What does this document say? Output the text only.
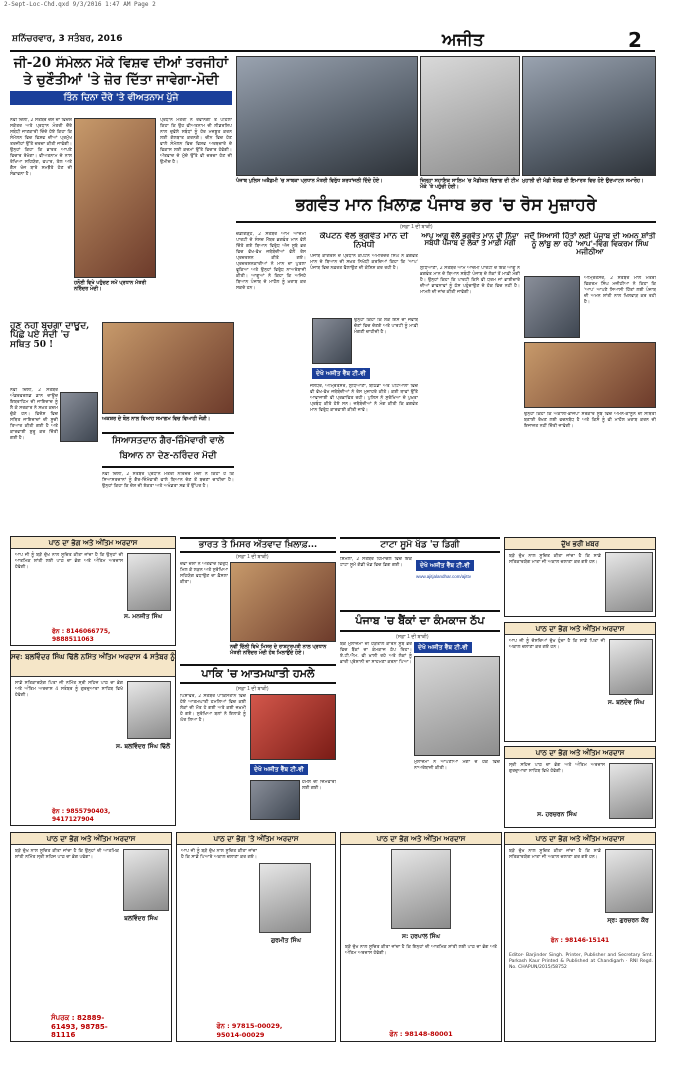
2-Sept-Loc-Chd.qxd 9/3/2016 1:47 AM Page 2
ਸ਼ਨਿੱਚਰਵਾਰ, 3 ਸਤੰਬਰ, 2016	ਅਜੀਤ	2
ਜੀ-20 ਸੰਮੇਲਨ ਮੌਕੇ ਵਿਸ਼ਵ ਦੀਆਂ ਤਰਜੀਹਾਂ
ਤੇ ਚੁਣੌਤੀਆਂ 'ਤੇ ਜ਼ੋਰ ਦਿੱਤਾ ਜਾਵੇਗਾ-ਮੋਦੀ
ਤਿੰਨ ਦਿਨਾ ਦੌਰੇ 'ਤੇ ਵੀਅਤਨਾਮ ਪੁੱਜੇ
ਨਵੀਂ ਦਿੱਲੀ, 2 ਸਤੰਬਰ ਦੇਸ਼ ਦਾ ਵਿਦੇਸ਼ ਸਕੱਤਰ ਅਤੇ ਪ੍ਰਧਾਨ ਮੰਤਰੀ ਦੌਰੇ ਸਬੰਧੀ ਜਾਣਕਾਰੀ ਦਿੰਦੇ ਹੋਏ ਕਿਹਾ ਕਿ ਸੰਮੇਲਨ ਵਿਚ ਵਿਸ਼ਵ ਦੀਆਂ ਪ੍ਰਮੁੱਖ ਤਰਜੀਹਾਂ ਉੱਤੇ ਚਰਚਾ ਕੀਤੀ ਜਾਵੇਗੀ। ਉਨ੍ਹਾਂ ਕਿਹਾ ਕਿ ਭਾਰਤ ਆਪਣੇ ਵਿਚਾਰ ਰੱਖੇਗਾ। ਵੀਅਤਨਾਮ ਦੇ ਨਾਲ ਰੱਖਿਆ ਸਹਿਯੋਗ, ਵਪਾਰ, ਤੇਲ ਅਤੇ ਗੈਸ ਖੋਜ ਬਾਰੇ ਸਮਝੌਤੇ ਹੋਣ ਦੀ ਸੰਭਾਵਨਾ ਹੈ।
ਹਨੋਈ ਵਿਖੇ ਪਹੁੰਚਣ ਸਮੇਂ ਪ੍ਰਧਾਨ ਮੰਤਰੀ ਨਰਿੰਦਰ ਮੋਦੀ।
ਪ੍ਰਧਾਨ ਮੰਤਰੀ ਨੇ ਰਵਾਨਗੀ ਤੋਂ ਪਹਿਲਾਂ ਕਿਹਾ ਕਿ ਉਹ ਵੀਅਤਨਾਮ ਦੀ ਲੀਡਰਸ਼ਿਪ ਨਾਲ ਦੁਵੱਲੇ ਸਬੰਧਾਂ ਨੂੰ ਹੋਰ ਮਜ਼ਬੂਤ ਕਰਨ ਲਈ ਗੱਲਬਾਤ ਕਰਨਗੇ। ਚੀਨ ਵਿਚ ਹੋਣ ਵਾਲੇ ਸੰਮੇਲਨ ਵਿਚ ਵਿਸ਼ਵ ਅਰਥਚਾਰੇ ਦੇ ਵਿਕਾਸ ਲਈ ਕਦਮਾਂ ਉੱਤੇ ਵਿਚਾਰ ਹੋਵੇਗੀ। ਅੱਤਵਾਦ ਦੇ ਮੁੱਦੇ ਉੱਤੇ ਵੀ ਚਰਚਾ ਹੋਣ ਦੀ ਉਮੀਦ ਹੈ।
ਹੁਣ ਨਹੀਂ ਬਚੇਗਾ ਦਾਊਦ, ਪਿੱਛੇ ਪਏ ਸੰਦੀ 'ਚ ਸਥਿਤ 50 !
ਨਵੀਂ ਦਿੱਲੀ, 2 ਸਤੰਬਰ ਅੰਡਰਵਰਲਡ ਡਾਨ ਦਾਊਦ ਇਬਰਾਹਿਮ ਦੀ ਜਾਇਦਾਦ ਨੂੰ ਲੈ ਕੇ ਸਰਕਾਰ ਨੇ ਸਖ਼ਤ ਕਦਮ ਚੁੱਕੇ ਹਨ। ਵਿਦੇਸ਼ ਵਿਚ ਸਥਿਤ ਜਾਇਦਾਦਾਂ ਦੀ ਸੂਚੀ ਤਿਆਰ ਕੀਤੀ ਗਈ ਹੈ ਅਤੇ ਕਾਰਵਾਈ ਸ਼ੁਰੂ ਕਰ ਦਿੱਤੀ ਗਈ ਹੈ।
ਅਕਸ਼ਰ ਦੇ ਬੋਲ ਨਾਲ ਵਿਆਹ ਸਮਾਗਮ ਵਿਚ ਵਿਆਹੀ ਜੋੜੀ।
ਸਿਆਸਤਦਾਨ ਗੈਰ-ਜ਼ਿੰਮੇਵਾਰੀ ਵਾਲੇ ਬਿਆਨ ਨਾ ਦੇਣ-ਨਰਿੰਦਰ ਮੋਦੀ
ਨਵੀਂ ਦਿੱਲੀ, 2 ਸਤੰਬਰ ਪ੍ਰਧਾਨ ਮੰਤਰੀ ਨਰਿੰਦਰ ਮੋਦੀ ਨੇ ਕਿਹਾ ਹੈ ਕਿ ਸਿਆਸਤਦਾਨਾਂ ਨੂੰ ਗੈਰ-ਜ਼ਿੰਮੇਵਾਰੀ ਵਾਲੇ ਬਿਆਨ ਦੇਣ ਤੋਂ ਬਚਣਾ ਚਾਹੀਦਾ ਹੈ। ਉਨ੍ਹਾਂ ਕਿਹਾ ਕਿ ਦੇਸ਼ ਦੀ ਏਕਤਾ ਅਤੇ ਅਖੰਡਤਾ ਸਭ ਤੋਂ ਉੱਪਰ ਹੈ।
ਪੰਜਾਬ ਪੁਲਿਸ ਅਕੈਡਮੀ 'ਚ ਸਾਬਕਾ ਪ੍ਰਧਾਨ ਮੰਤਰੀ ਵਿਰੁੱਧ ਸ਼ਰਧਾਂਜਲੀ ਦਿੰਦੇ ਹੋਏ।	ਜ਼ਿਲ੍ਹਾ ਸਹਾਇਕ ਸਾਲਿਮ 'ਚ ਮੈਡੀਕਲ ਵਿਭਾਗ ਦੀ ਟੀਮ ਮੌਕੇ 'ਤੇ ਪਹੁੰਚੀ ਹੋਈ।
ਮੁਹਾਲੀ ਦੀ ਮੰਡੀ ਬੋਰਡ ਦੀ ਇਮਾਰਤ ਵਿਚ ਹੋਏ ਉਦਘਾਟਨ ਸਮਾਰੋਹ।
ਭਗਵੰਤ ਮਾਨ ਖ਼ਿਲਾਫ਼ ਪੰਜਾਬ ਭਰ 'ਚ ਰੋਸ ਮੁਜ਼ਾਹਰੇ
(ਸਫ਼ਾ 1 ਦੀ ਬਾਕੀ)
ਚੰਡੀਗੜ੍ਹ, 2 ਸਤੰਬਰ ਆਮ ਆਦਮੀ ਪਾਰਟੀ ਦੇ ਸੰਸਦ ਮੈਂਬਰ ਭਗਵੰਤ ਮਾਨ ਵੱਲੋਂ ਦਿੱਤੇ ਗਏ ਬਿਆਨ ਵਿਰੁੱਧ ਅੱਜ ਸੂਬੇ ਭਰ ਵਿਚ ਵੱਖ-ਵੱਖ ਜਥੇਬੰਦੀਆਂ ਵੱਲੋਂ ਰੋਸ ਪ੍ਰਦਰਸ਼ਨ ਕੀਤੇ ਗਏ। ਪ੍ਰਦਰਸ਼ਨਕਾਰੀਆਂ ਨੇ ਮਾਨ ਦਾ ਪੁਤਲਾ ਫੂਕਿਆ ਅਤੇ ਉਨ੍ਹਾਂ ਵਿਰੁੱਧ ਨਾਅਰੇਬਾਜ਼ੀ ਕੀਤੀ। ਆਗੂਆਂ ਨੇ ਕਿਹਾ ਕਿ ਅਜਿਹੇ ਬਿਆਨ ਪੰਜਾਬ ਦੇ ਮਾਹੌਲ ਨੂੰ ਖ਼ਰਾਬ ਕਰ ਸਕਦੇ ਹਨ।
ਕੈਪਟਨ ਵੱਲੋਂ ਭਗਵੰਤ ਮਾਨ ਦੀ ਨਿਖੇਧੀ
ਪੰਜਾਬ ਕਾਂਗਰਸ ਦੇ ਪ੍ਰਧਾਨ ਕੈਪਟਨ ਅਮਰਿੰਦਰ ਸਿੰਘ ਨੇ ਭਗਵੰਤ ਮਾਨ ਦੇ ਬਿਆਨ ਦੀ ਸਖ਼ਤ ਨਿਖੇਧੀ ਕਰਦਿਆਂ ਕਿਹਾ ਕਿ 'ਆਪ' ਪੰਜਾਬ ਵਿਚ ਨਫ਼ਰਤ ਫੈਲਾਉਣ ਦੀ ਕੋਸ਼ਿਸ਼ ਕਰ ਰਹੀ ਹੈ।
ਉਨ੍ਹਾਂ ਕਿਹਾ ਕਿ ਲੋਕ ਇਸ ਦਾ ਜਵਾਬ ਚੋਣਾਂ ਵਿਚ ਦੇਣਗੇ ਅਤੇ ਪਾਰਟੀ ਨੂੰ ਮਾਫ਼ੀ ਮੰਗਣੀ ਚਾਹੀਦੀ ਹੈ।
ਦੇਖੋ ਅਜੀਤ ਵੈੱਬ ਟੀ.ਵੀ
ਜਲੰਧਰ, ਅੰਮ੍ਰਿਤਸਰ, ਲੁਧਿਆਣਾ, ਬਠਿੰਡਾ ਅਤੇ ਪਟਿਆਲਾ ਵਿਚ ਵੀ ਵੱਖ-ਵੱਖ ਜਥੇਬੰਦੀਆਂ ਨੇ ਰੋਸ ਮੁਜ਼ਾਹਰੇ ਕੀਤੇ। ਕਈ ਥਾਵਾਂ ਉੱਤੇ ਆਵਾਜਾਈ ਵੀ ਪ੍ਰਭਾਵਿਤ ਰਹੀ। ਪੁਲਿਸ ਨੇ ਸੁਰੱਖਿਆ ਦੇ ਪੁਖ਼ਤਾ ਪ੍ਰਬੰਧ ਕੀਤੇ ਹੋਏ ਸਨ। ਜਥੇਬੰਦੀਆਂ ਨੇ ਮੰਗ ਕੀਤੀ ਕਿ ਭਗਵੰਤ ਮਾਨ ਵਿਰੁੱਧ ਕਾਰਵਾਈ ਕੀਤੀ ਜਾਵੇ।
ਆਪ ਆਗੂ ਵੱਲੋਂ ਭਗਵੰਤ ਮਾਨ ਦੀ ਨਿੰਦਾ ਸਬੰਧੀ ਪੰਜਾਬ ਦੇ ਲੋਕਾਂ ਤੋਂ ਮਾਫ਼ੀ ਮੰਗੀ
ਲੁਧਿਆਣਾ, 2 ਸਤੰਬਰ ਆਮ ਆਦਮੀ ਪਾਰਟੀ ਦੇ ਇਕ ਆਗੂ ਨੇ ਭਗਵੰਤ ਮਾਨ ਦੇ ਬਿਆਨ ਸਬੰਧੀ ਪੰਜਾਬ ਦੇ ਲੋਕਾਂ ਤੋਂ ਮਾਫ਼ੀ ਮੰਗੀ ਹੈ। ਉਨ੍ਹਾਂ ਕਿਹਾ ਕਿ ਪਾਰਟੀ ਕਿਸੇ ਵੀ ਧਰਮ ਜਾਂ ਭਾਈਚਾਰੇ ਦੀਆਂ ਭਾਵਨਾਵਾਂ ਨੂੰ ਠੇਸ ਪਹੁੰਚਾਉਣ ਦੇ ਹੱਕ ਵਿਚ ਨਹੀਂ ਹੈ। ਮਾਮਲੇ ਦੀ ਜਾਂਚ ਕੀਤੀ ਜਾਵੇਗੀ।
ਜਦੋਂ ਸਿਆਸੀ ਹਿੱਤਾਂ ਲਈ ਪੰਜਾਬ ਦੀ ਅਮਨ ਸ਼ਾਂਤੀ ਨੂੰ ਲਾਂਬੂ ਲਾ ਰਹੇ 'ਆਪ'-ਵਿੰਗ ਵਿਕਰਮ ਸਿੰਘ ਮਜੀਠੀਆ
ਅੰਮ੍ਰਿਤਸਰ, 2 ਸਤੰਬਰ ਮਾਲ ਮੰਤਰੀ ਵਿਕਰਮ ਸਿੰਘ ਮਜੀਠੀਆ ਨੇ ਕਿਹਾ ਕਿ 'ਆਪ' ਆਪਣੇ ਸਿਆਸੀ ਹਿੱਤਾਂ ਲਈ ਪੰਜਾਬ ਦੀ ਅਮਨ ਸ਼ਾਂਤੀ ਨਾਲ ਖਿਲਵਾੜ ਕਰ ਰਹੀ ਹੈ।
ਉਨ੍ਹਾਂ ਕਿਹਾ ਕਿ ਅਕਾਲੀ-ਭਾਜਪਾ ਸਰਕਾਰ ਸੂਬੇ ਵਿਚ ਅਮਨ-ਕਾਨੂੰਨ ਦੀ ਸਥਿਤੀ ਬਣਾਈ ਰੱਖਣ ਲਈ ਵਚਨਬੱਧ ਹੈ ਅਤੇ ਕਿਸੇ ਨੂੰ ਵੀ ਮਾਹੌਲ ਖ਼ਰਾਬ ਕਰਨ ਦੀ ਇਜਾਜ਼ਤ ਨਹੀਂ ਦਿੱਤੀ ਜਾਵੇਗੀ।
ਭਾਰਤ ਤੇ ਮਿਸਰ ਅੱਤਵਾਦ ਖ਼ਿਲਾਫ਼...
(ਸਫ਼ਾ 1 ਦੀ ਬਾਕੀ)
ਦੋਵਾਂ ਦੇਸ਼ਾਂ ਨੇ ਅੱਤਵਾਦ ਵਿਰੁੱਧ ਮਿਲ ਕੇ ਲੜਨ ਅਤੇ ਸੁਰੱਖਿਆ ਸਹਿਯੋਗ ਵਧਾਉਣ ਦਾ ਫ਼ੈਸਲਾ ਕੀਤਾ।
ਨਵੀਂ ਦਿੱਲੀ ਵਿਖੇ ਮਿਸਰ ਦੇ ਰਾਸ਼ਟਰਪਤੀ ਨਾਲ ਪ੍ਰਧਾਨ ਮੰਤਰੀ ਨਰਿੰਦਰ ਮੋਦੀ ਹੱਥ ਮਿਲਾਉਂਦੇ ਹੋਏ।
ਪਾਕਿ 'ਚ ਆਤਮਘਾਤੀ ਹਮਲੇ
(ਸਫ਼ਾ 1 ਦੀ ਬਾਕੀ)
ਪਿਸ਼ਾਵਰ, 2 ਸਤੰਬਰ ਪਾਕਿਸਤਾਨ ਵਿਚ ਹੋਏ ਆਤਮਘਾਤੀ ਹਮਲਿਆਂ ਵਿਚ ਕਈ ਲੋਕਾਂ ਦੀ ਮੌਤ ਹੋ ਗਈ ਅਤੇ ਕਈ ਜ਼ਖ਼ਮੀ ਹੋ ਗਏ। ਸੁਰੱਖਿਆ ਬਲਾਂ ਨੇ ਇਲਾਕੇ ਨੂੰ ਘੇਰ ਲਿਆ ਹੈ।
ਦੇਖੋ ਅਜੀਤ ਵੈੱਬ ਟੀ.ਵੀ
ਹਮਲੇ ਦੀ ਜ਼ਿੰਮੇਵਾਰੀ ਲਈ ਗਈ।
ਟਾਟਾ ਸੂਮੋ ਖੱਡ 'ਚ ਡਿਗੀ
ਸ਼ਿਮਲਾ, 2 ਸਤੰਬਰ ਹਿਮਾਚਲ ਵਿਚ ਇਕ ਟਾਟਾ ਸੂਮੋ ਗੱਡੀ ਖੱਡ ਵਿਚ ਡਿਗ ਗਈ।	ਦੇਖੋ ਅਜੀਤ ਵੈੱਬ ਟੀ.ਵੀ
www.ajitjalandhar.com/ajittv
ਪੰਜਾਬ 'ਚ ਬੈਂਕਾਂ ਦਾ ਕੰਮਕਾਜ ਠੱਪ
(ਸਫ਼ਾ 1 ਦੀ ਬਾਕੀ)
ਬੈਂਕ ਮੁਲਾਜ਼ਮਾਂ ਦੀ ਹੜਤਾਲ ਕਾਰਨ ਸੂਬੇ ਭਰ ਵਿਚ ਬੈਂਕਾਂ ਦਾ ਕੰਮਕਾਜ ਠੱਪ ਰਿਹਾ। ਏ.ਟੀ.ਐਮ. ਵੀ ਖ਼ਾਲੀ ਰਹੇ ਅਤੇ ਲੋਕਾਂ ਨੂੰ ਭਾਰੀ ਪ੍ਰੇਸ਼ਾਨੀ ਦਾ ਸਾਹਮਣਾ ਕਰਨਾ ਪਿਆ।
ਦੇਖੋ ਅਜੀਤ ਵੈੱਬ ਟੀ.ਵੀ
ਮੁਲਾਜ਼ਮਾਂ ਨੇ ਆਪਣੀਆਂ ਮੰਗਾਂ ਦੇ ਹੱਕ ਵਿਚ ਨਾਅਰੇਬਾਜ਼ੀ ਕੀਤੀ।
ਦੁੱਖ ਭਰੀ ਖ਼ਬਰ
ਬੜੇ ਦੁੱਖ ਨਾਲ ਸੂਚਿਤ ਕੀਤਾ ਜਾਂਦਾ ਹੈ ਕਿ ਸਾਡੇ ਸਤਿਕਾਰਯੋਗ ਮਾਤਾ ਜੀ ਅਕਾਲ ਚਲਾਣਾ ਕਰ ਗਏ ਹਨ।
ਪਾਠ ਦਾ ਭੋਗ ਅਤੇ ਅੰਤਿਮ ਅਰਦਾਸ
ਆਪ ਜੀ ਨੂੰ ਬੜੇ ਦੁੱਖ ਨਾਲ ਸੂਚਿਤ ਕੀਤਾ ਜਾਂਦਾ ਹੈ ਕਿ ਉਨ੍ਹਾਂ ਦੀ ਆਤਮਿਕ ਸ਼ਾਂਤੀ ਲਈ ਪਾਠ ਦਾ ਭੋਗ ਅਤੇ ਅੰਤਿਮ ਅਰਦਾਸ ਹੋਵੇਗੀ।
ਸ. ਮਨਜੀਤ ਸਿੰਘ
ਫੋਨ : 8146066775, 9888511063
ਸਵ: ਬਲਵਿੰਦਰ ਸਿੰਘ ਢਿੱਲੋਂ ਨਮਿੱਤ ਅੰਤਿਮ ਅਰਦਾਸ 4 ਸਤੰਬਰ ਨੂੰ
ਸਾਡੇ ਸਤਿਕਾਰਯੋਗ ਪਿਤਾ ਜੀ ਨਮਿੱਤ ਸ੍ਰੀ ਸਹਿਜ ਪਾਠ ਦਾ ਭੋਗ ਅਤੇ ਅੰਤਿਮ ਅਰਦਾਸ 4 ਸਤੰਬਰ ਨੂੰ ਗੁਰਦੁਆਰਾ ਸਾਹਿਬ ਵਿਖੇ ਹੋਵੇਗੀ।
ਸ. ਬਲਵਿੰਦਰ ਸਿੰਘ ਢਿੱਲੋਂ
ਫੋਨ : 9855790403, 9417127904
ਪਾਠ ਦਾ ਭੋਗ ਅਤੇ ਅੰਤਿਮ ਅਰਦਾਸ
ਬੜੇ ਦੁੱਖ ਨਾਲ ਸੂਚਿਤ ਕੀਤਾ ਜਾਂਦਾ ਹੈ ਕਿ ਉਨ੍ਹਾਂ ਦੀ ਆਤਮਿਕ ਸ਼ਾਂਤੀ ਨਮਿੱਤ ਸ੍ਰੀ ਸਹਿਜ ਪਾਠ ਦਾ ਭੋਗ ਪਵੇਗਾ।
ਬਲਵਿੰਦਰ ਸਿੰਘ
ਸੰਪਰਕ : 82889-61493, 98785-81116
ਪਾਠ ਦਾ ਭੋਗ 'ਤੇ ਅੰਤਿਮ ਅਰਦਾਸ
ਆਪ ਜੀ ਨੂੰ ਬੜੇ ਦੁੱਖ ਨਾਲ ਸੂਚਿਤ ਕੀਤਾ ਜਾਂਦਾ ਹੈ ਕਿ ਸਾਡੇ ਪਿਆਰੇ ਅਕਾਲ ਚਲਾਣਾ ਕਰ ਗਏ।
ਗੁਰਮੀਤ ਸਿੰਘ
ਫੋਨ : 97815-00029, 95014-00029
ਪਾਠ ਦਾ ਭੋਗ ਅਤੇ ਅੰਤਿਮ ਅਰਦਾਸ
ਸ: ਹਰਪਾਲ ਸਿੰਘ
ਬੜੇ ਦੁੱਖ ਨਾਲ ਸੂਚਿਤ ਕੀਤਾ ਜਾਂਦਾ ਹੈ ਕਿ ਇਨ੍ਹਾਂ ਦੀ ਆਤਮਿਕ ਸ਼ਾਂਤੀ ਲਈ ਪਾਠ ਦਾ ਭੋਗ ਅਤੇ ਅੰਤਿਮ ਅਰਦਾਸ ਹੋਵੇਗੀ।
ਫੋਨ : 98148-80001
ਪਾਠ ਦਾ ਭੋਗ ਅਤੇ ਅੰਤਿਮ ਅਰਦਾਸ
ਆਪ ਜੀ ਨੂੰ ਦੱਸਦਿਆਂ ਦੁੱਖ ਹੁੰਦਾ ਹੈ ਕਿ ਸਾਡੇ ਪਿਤਾ ਜੀ ਅਕਾਲ ਚਲਾਣਾ ਕਰ ਗਏ ਹਨ।
ਸ. ਬਲਦੇਵ ਸਿੰਘ
ਪਾਠ ਦਾ ਭੋਗ ਅਤੇ ਅੰਤਿਮ ਅਰਦਾਸ
ਸ੍ਰੀ ਸਹਿਜ ਪਾਠ ਦਾ ਭੋਗ ਅਤੇ ਅੰਤਿਮ ਅਰਦਾਸ ਗੁਰਦੁਆਰਾ ਸਾਹਿਬ ਵਿਖੇ ਹੋਵੇਗੀ।
ਸ. ਹਰਚਰਨ ਸਿੰਘ
ਪਾਠ ਦਾ ਭੋਗ ਅਤੇ ਅੰਤਿਮ ਅਰਦਾਸ
ਬੜੇ ਦੁੱਖ ਨਾਲ ਸੂਚਿਤ ਕੀਤਾ ਜਾਂਦਾ ਹੈ ਕਿ ਸਾਡੇ ਸਤਿਕਾਰਯੋਗ ਮਾਤਾ ਜੀ ਅਕਾਲ ਚਲਾਣਾ ਕਰ ਗਏ ਹਨ।
ਸ੍ਰ: ਗੁਰਚਰਨ ਕੌਰ
ਫੋਨ : 98146-15141
Editor- Barjinder Singh. Printer, Publisher and Secretary Smt. Parkash Kaur Printed & Published at Chandigarh · RNI Regd. No. CHAPUN/2015/58752
